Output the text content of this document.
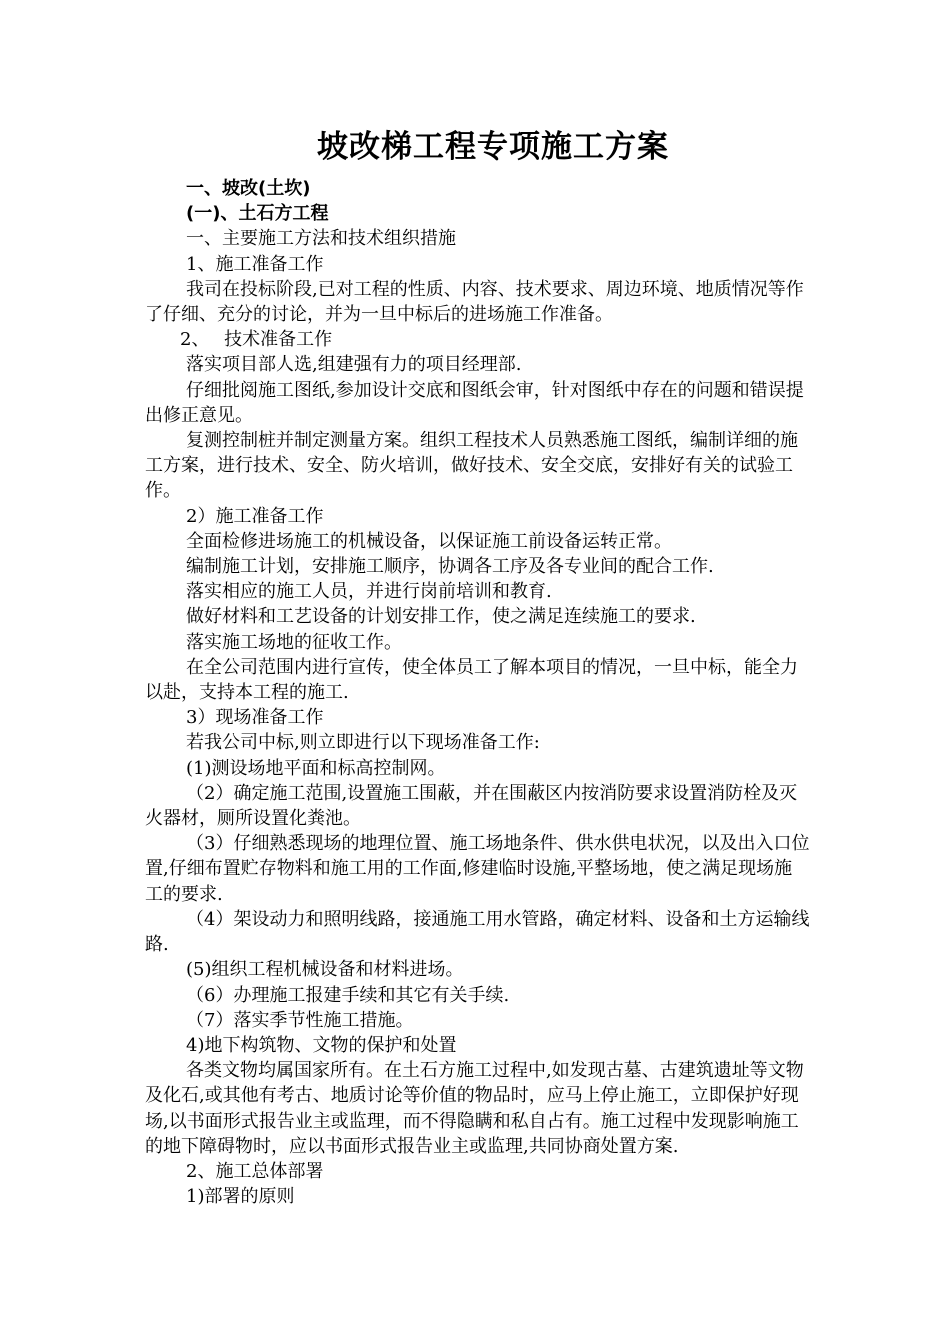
坡改梯工程专项施工方案

一、坡改(土坎)

(一)、土石方工程

一、主要施工方法和技术组织措施

1、施工准备工作

我司在投标阶段,已对工程的性质、内容、技术要求、周边环境、地质情况等作了仔细、充分的讨论，并为一旦中标后的进场施工作准备。

2、　 技术准备工作

落实项目部人选,组建强有力的项目经理部.

仔细批阅施工图纸,参加设计交底和图纸会审，针对图纸中存在的问题和错误提出修正意见。

复测控制桩并制定测量方案。组织工程技术人员熟悉施工图纸，编制详细的施工方案，进行技术、安全、防火培训，做好技术、安全交底，安排好有关的试验工作。

2）施工准备工作

全面检修进场施工的机械设备，以保证施工前设备运转正常。

编制施工计划，安排施工顺序，协调各工序及各专业间的配合工作.

落实相应的施工人员，并进行岗前培训和教育.

做好材料和工艺设备的计划安排工作，使之满足连续施工的要求.

落实施工场地的征收工作。

在全公司范围内进行宣传，使全体员工了解本项目的情况，一旦中标，能全力以赴，支持本工程的施工.

3）现场准备工作

若我公司中标,则立即进行以下现场准备工作:

(1)测设场地平面和标高控制网。

（2）确定施工范围,设置施工围蔽，并在围蔽区内按消防要求设置消防栓及灭火器材，厕所设置化粪池。

（3）仔细熟悉现场的地理位置、施工场地条件、供水供电状况，以及出入口位置,仔细布置贮存物料和施工用的工作面,修建临时设施,平整场地，使之满足现场施工的要求.

（4）架设动力和照明线路，接通施工用水管路，确定材料、设备和土方运输线路.

(5)组织工程机械设备和材料进场。

（6）办理施工报建手续和其它有关手续.

（7）落实季节性施工措施。

4)地下构筑物、文物的保护和处置

各类文物均属国家所有。在土石方施工过程中,如发现古墓、古建筑遗址等文物及化石,或其他有考古、地质讨论等价值的物品时，应马上停止施工，立即保护好现场,以书面形式报告业主或监理，而不得隐瞒和私自占有。施工过程中发现影响施工的地下障碍物时，应以书面形式报告业主或监理,共同协商处置方案.

2、施工总体部署

1)部署的原则
